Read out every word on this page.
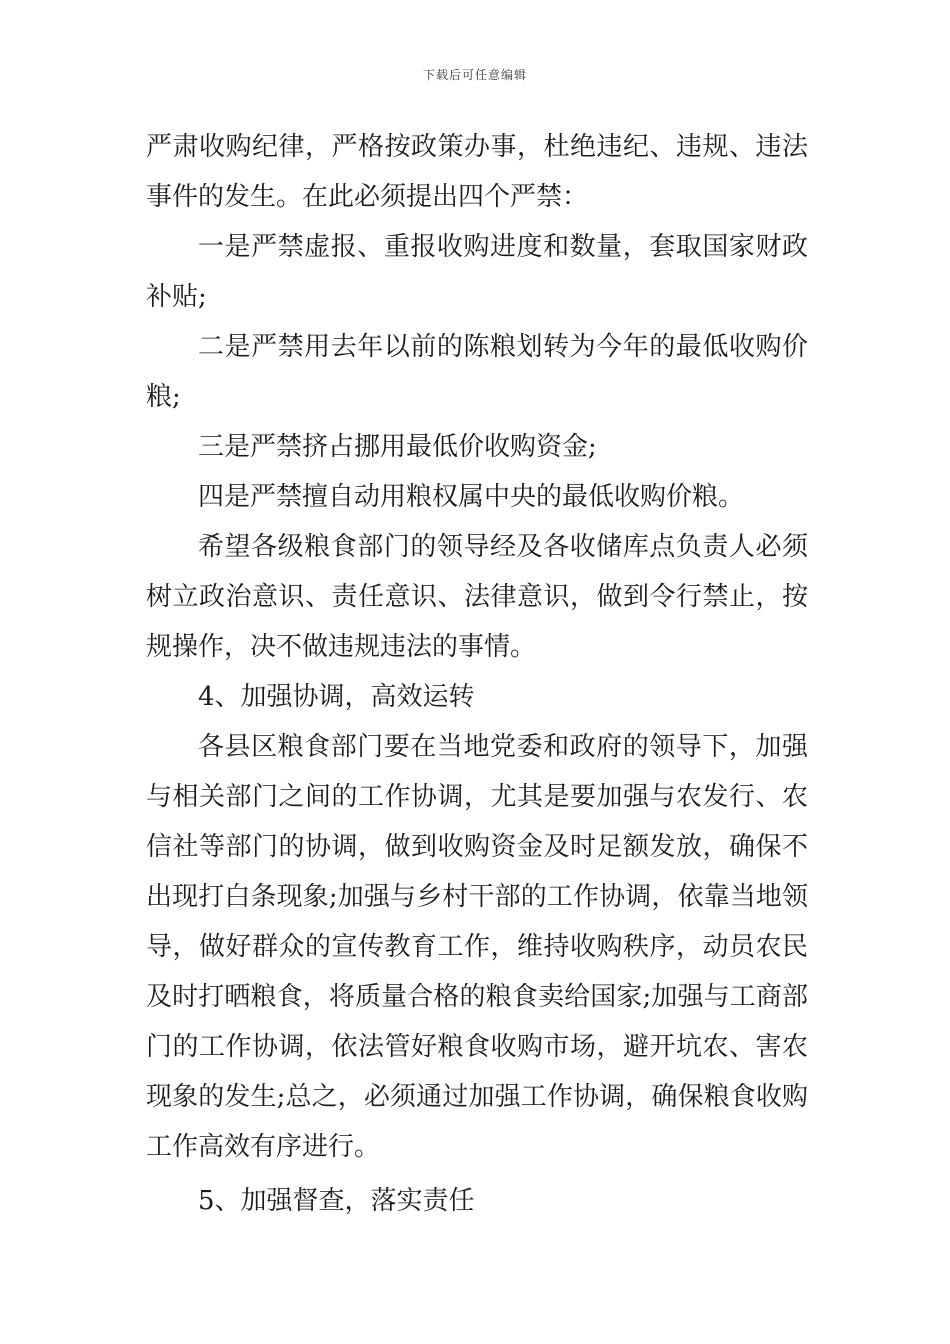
下载后可任意编辑

严肃收购纪律，严格按政策办事，杜绝违纪、违规、违法事件的发生。在此必须提出四个严禁：

一是严禁虚报、重报收购进度和数量，套取国家财政补贴;

二是严禁用去年以前的陈粮划转为今年的最低收购价粮;

三是严禁挤占挪用最低价收购资金;

四是严禁擅自动用粮权属中央的最低收购价粮。

希望各级粮食部门的领导经及各收储库点负责人必须树立政治意识、责任意识、法律意识，做到令行禁止，按规操作，决不做违规违法的事情。

4、加强协调，高效运转

各县区粮食部门要在当地党委和政府的领导下，加强与相关部门之间的工作协调，尤其是要加强与农发行、农信社等部门的协调，做到收购资金及时足额发放，确保不出现打白条现象;加强与乡村干部的工作协调，依靠当地领导，做好群众的宣传教育工作，维持收购秩序，动员农民及时打晒粮食，将质量合格的粮食卖给国家;加强与工商部门的工作协调，依法管好粮食收购市场，避开坑农、害农现象的发生;总之，必须通过加强工作协调，确保粮食收购工作高效有序进行。

5、加强督查，落实责任
